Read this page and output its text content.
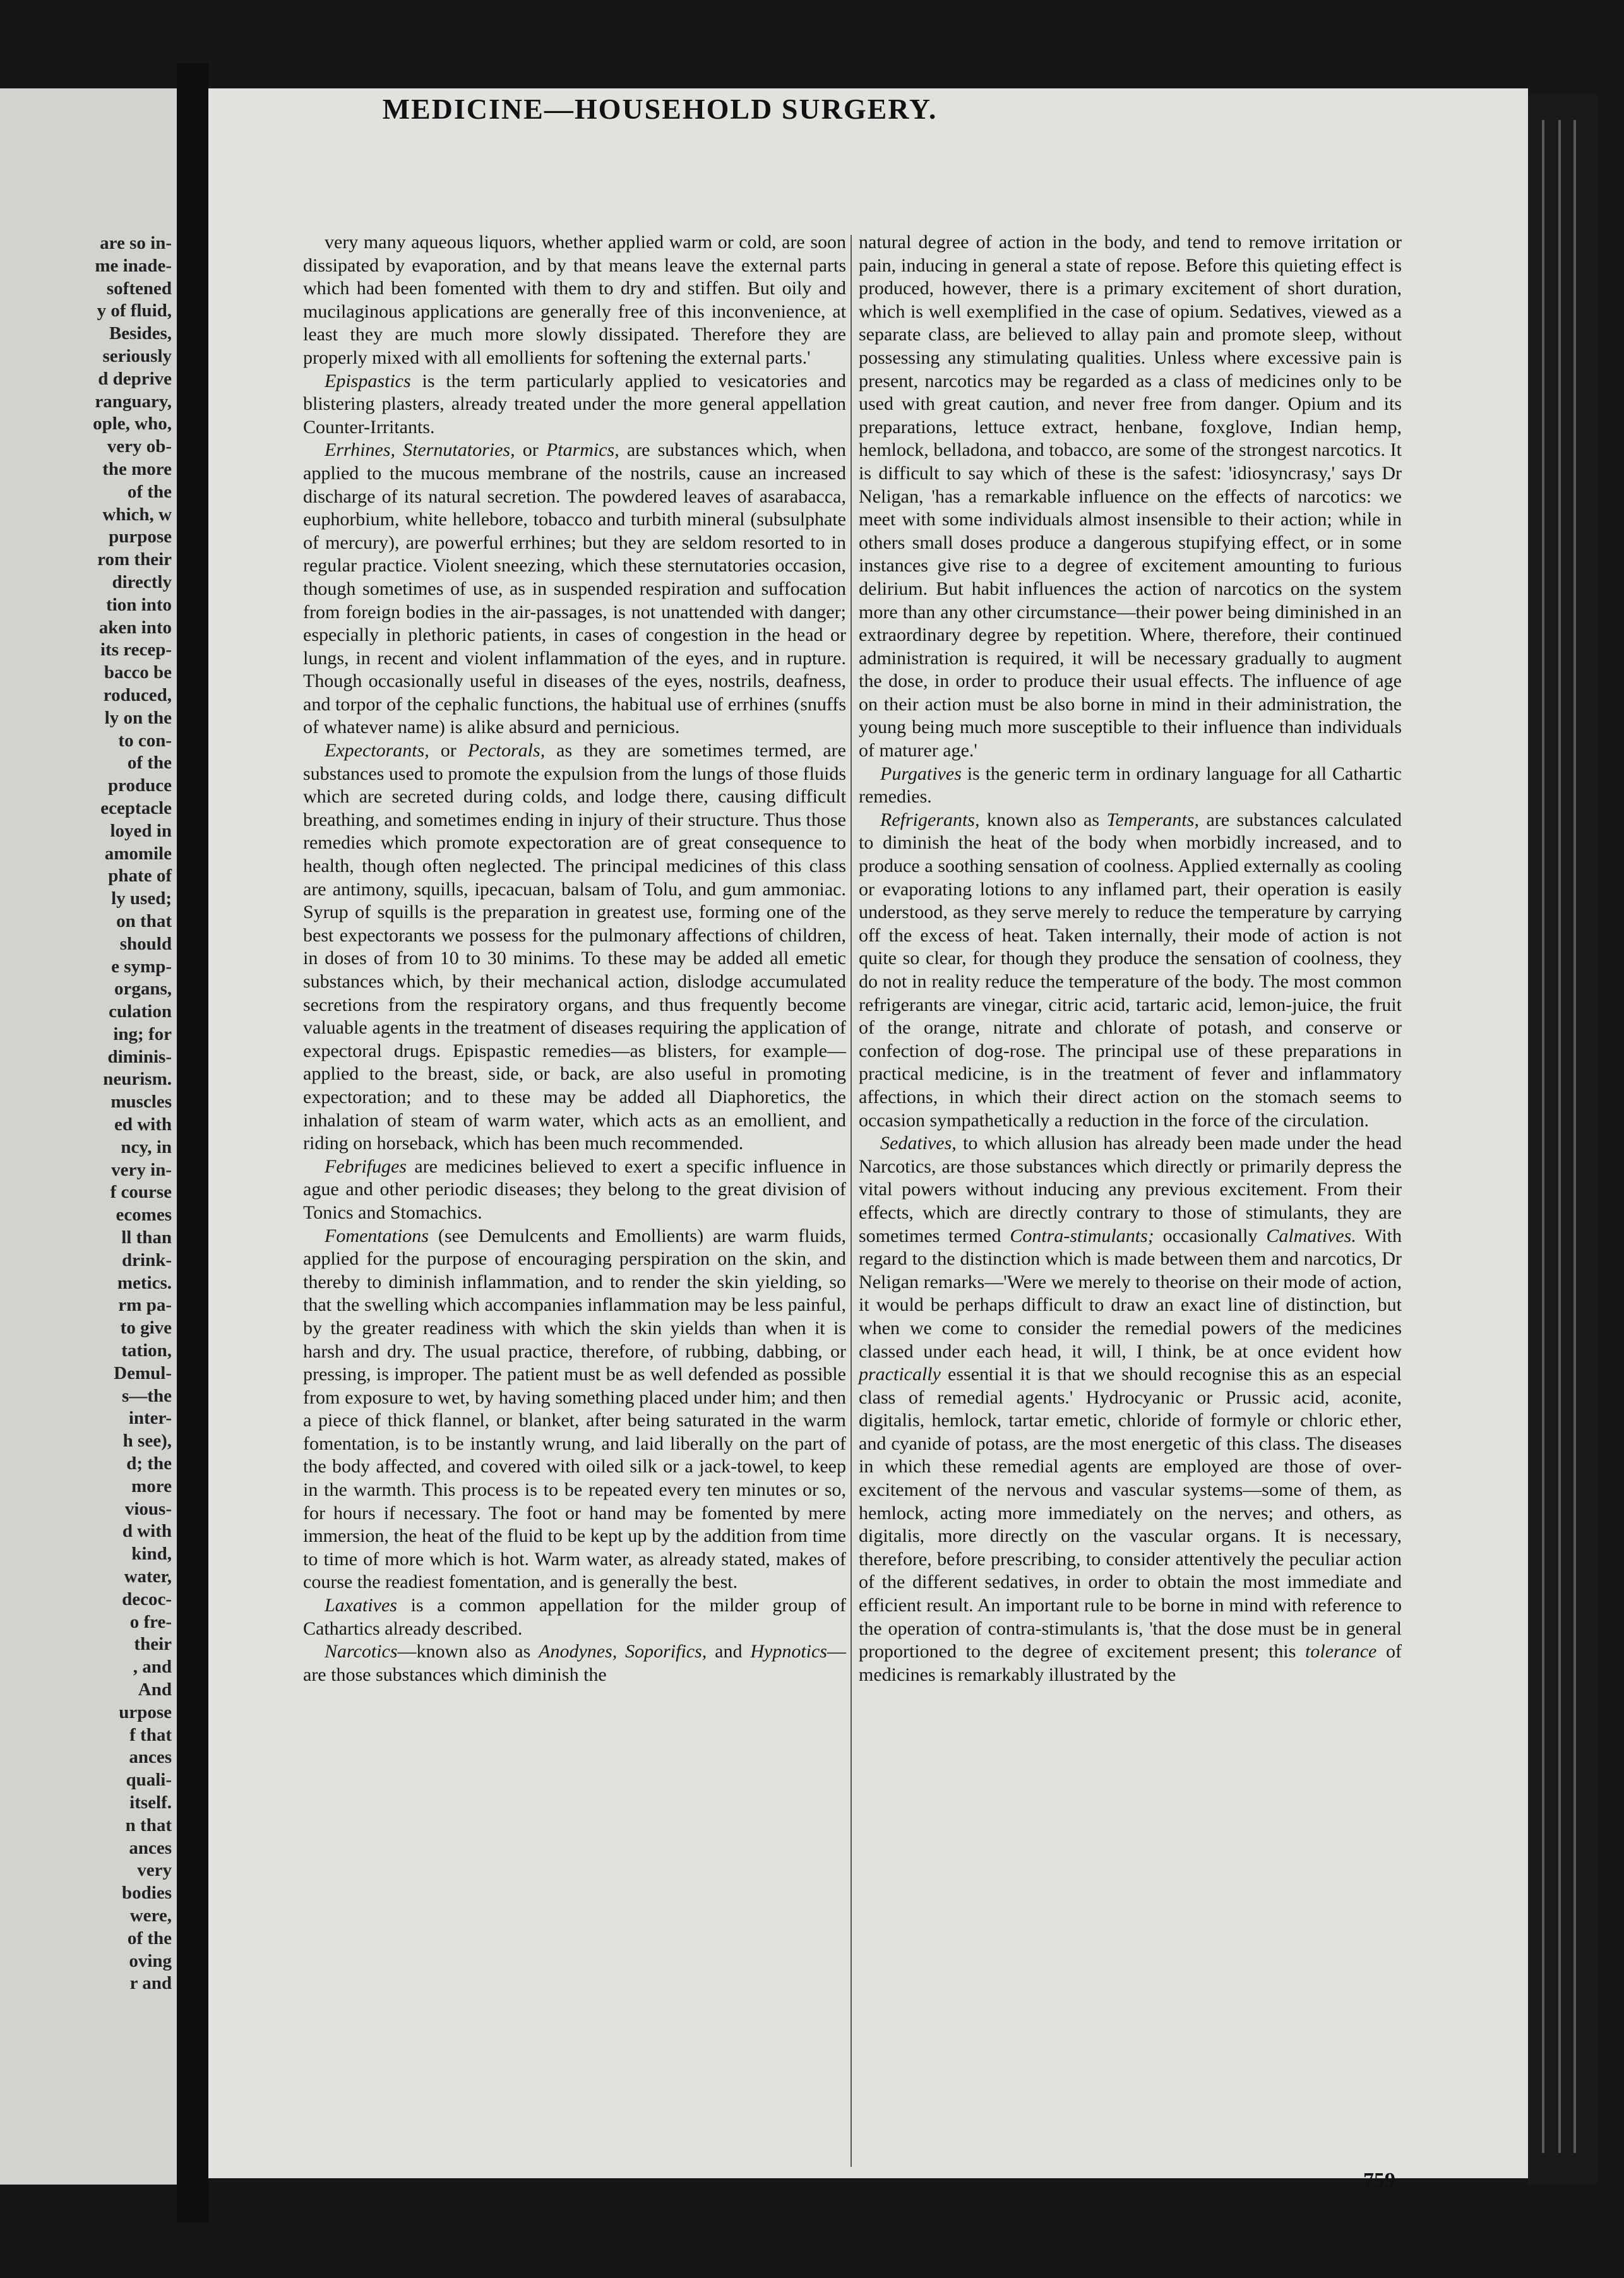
are so in-
me inade-
softened
y of fluid,
Besides,
seriously
d deprive
ranguary,
ople, who,
very ob-
the more
of the
which, w
purpose
rom their
directly
tion into
aken into
its recep-
bacco be
roduced,
ly on the
to con-
of the
produce
eceptacle
loyed in
amomile
phate of
ly used;
on that
should
e symp-
organs,
culation
ing; for
diminis-
neurism.
muscles
ed with
ncy, in
very in-
f course
ecomes
ll than
drink-
metics.
rm pa-
to give
tation,
Demul-
s—the
inter-
h see),
d; the
more
vious-
d with
kind,
water,
decoc-
o fre-
their
, and
And
urpose
f that
ances
quali-
itself.
n that
ances
very
bodies
were,
of the
oving
r and

very many aqueous liquors, whether applied warm or cold, are soon dissipated by evaporation, and by that means leave the external parts which had been fomented with them to dry and stiffen. But oily and mucilaginous applications are generally free of this inconvenience, at least they are much more slowly dissipated. Therefore they are properly mixed with all emollients for softening the external parts.'

Epispastics is the term particularly applied to vesicatories and blistering plasters, already treated under the more general appellation Counter-Irritants.

Errhines, Sternutatories, or Ptarmics, are substances which, when applied to the mucous membrane of the nostrils, cause an increased discharge of its natural secretion. The powdered leaves of asarabacca, euphorbium, white hellebore, tobacco and turbith mineral (subsulphate of mercury), are powerful errhines; but they are seldom resorted to in regular practice. Violent sneezing, which these sternutatories occasion, though sometimes of use, as in suspended respiration and suffocation from foreign bodies in the air-passages, is not unattended with danger; especially in plethoric patients, in cases of congestion in the head or lungs, in recent and violent inflammation of the eyes, and in rupture. Though occasionally useful in diseases of the eyes, nostrils, deafness, and torpor of the cephalic functions, the habitual use of errhines (snuffs of whatever name) is alike absurd and pernicious.

Expectorants, or Pectorals, as they are sometimes termed, are substances used to promote the expulsion from the lungs of those fluids which are secreted during colds, and lodge there, causing difficult breathing, and sometimes ending in injury of their structure. Thus those remedies which promote expectoration are of great consequence to health, though often neglected. The principal medicines of this class are antimony, squills, ipecacuan, balsam of Tolu, and gum ammoniac. Syrup of squills is the preparation in greatest use, forming one of the best expectorants we possess for the pulmonary affections of children, in doses of from 10 to 30 minims. To these may be added all emetic substances which, by their mechanical action, dislodge accumulated secretions from the respiratory organs, and thus frequently become valuable agents in the treatment of diseases requiring the application of expectoral drugs. Epispastic remedies—as blisters, for example—applied to the breast, side, or back, are also useful in promoting expectoration; and to these may be added all Diaphoretics, the inhalation of steam of warm water, which acts as an emollient, and riding on horseback, which has been much recommended.

Febrifuges are medicines believed to exert a specific influence in ague and other periodic diseases; they belong to the great division of Tonics and Stomachics.

Fomentations (see Demulcents and Emollients) are warm fluids, applied for the purpose of encouraging perspiration on the skin, and thereby to diminish inflammation, and to render the skin yielding, so that the swelling which accompanies inflammation may be less painful, by the greater readiness with which the skin yields than when it is harsh and dry. The usual practice, therefore, of rubbing, dabbing, or pressing, is improper. The patient must be as well defended as possible from exposure to wet, by having something placed under him; and then a piece of thick flannel, or blanket, after being saturated in the warm fomentation, is to be instantly wrung, and laid liberally on the part of the body affected, and covered with oiled silk or a jack-towel, to keep in the warmth. This process is to be repeated every ten minutes or so, for hours if necessary. The foot or hand may be fomented by mere immersion, the heat of the fluid to be kept up by the addition from time to time of more which is hot. Warm water, as already stated, makes of course the readiest fomentation, and is generally the best.

Laxatives is a common appellation for the milder group of Cathartics already described.

Narcotics—known also as Anodynes, Soporifics, and Hypnotics—are those substances which diminish the

natural degree of action in the body, and tend to remove irritation or pain, inducing in general a state of repose. Before this quieting effect is produced, however, there is a primary excitement of short duration, which is well exemplified in the case of opium. Sedatives, viewed as a separate class, are believed to allay pain and promote sleep, without possessing any stimulating qualities. Unless where excessive pain is present, narcotics may be regarded as a class of medicines only to be used with great caution, and never free from danger. Opium and its preparations, lettuce extract, henbane, foxglove, Indian hemp, hemlock, belladona, and tobacco, are some of the strongest narcotics. It is difficult to say which of these is the safest: 'idiosyncrasy,' says Dr Neligan, 'has a remarkable influence on the effects of narcotics: we meet with some individuals almost insensible to their action; while in others small doses produce a dangerous stupifying effect, or in some instances give rise to a degree of excitement amounting to furious delirium. But habit influences the action of narcotics on the system more than any other circumstance—their power being diminished in an extraordinary degree by repetition. Where, therefore, their continued administration is required, it will be necessary gradually to augment the dose, in order to produce their usual effects. The influence of age on their action must be also borne in mind in their administration, the young being much more susceptible to their influence than individuals of maturer age.'

Purgatives is the generic term in ordinary language for all Cathartic remedies.

Refrigerants, known also as Temperants, are substances calculated to diminish the heat of the body when morbidly increased, and to produce a soothing sensation of coolness. Applied externally as cooling or evaporating lotions to any inflamed part, their operation is easily understood, as they serve merely to reduce the temperature by carrying off the excess of heat. Taken internally, their mode of action is not quite so clear, for though they produce the sensation of coolness, they do not in reality reduce the temperature of the body. The most common refrigerants are vinegar, citric acid, tartaric acid, lemon-juice, the fruit of the orange, nitrate and chlorate of potash, and conserve or confection of dog-rose. The principal use of these preparations in practical medicine, is in the treatment of fever and inflammatory affections, in which their direct action on the stomach seems to occasion sympathetically a reduction in the force of the circulation.

Sedatives, to which allusion has already been made under the head Narcotics, are those substances which directly or primarily depress the vital powers without inducing any previous excitement. From their effects, which are directly contrary to those of stimulants, they are sometimes termed Contra-stimulants; occasionally Calmatives. With regard to the distinction which is made between them and narcotics, Dr Neligan remarks—'Were we merely to theorise on their mode of action, it would be perhaps difficult to draw an exact line of distinction, but when we come to consider the remedial powers of the medicines classed under each head, it will, I think, be at once evident how practically essential it is that we should recognise this as an especial class of remedial agents.' Hydrocyanic or Prussic acid, aconite, digitalis, hemlock, tartar emetic, chloride of formyle or chloric ether, and cyanide of potass, are the most energetic of this class. The diseases in which these remedial agents are employed are those of over-excitement of the nervous and vascular systems—some of them, as hemlock, acting more immediately on the nerves; and others, as digitalis, more directly on the vascular organs. It is necessary, therefore, before prescribing, to consider attentively the peculiar action of the different sedatives, in order to obtain the most immediate and efficient result. An important rule to be borne in mind with reference to the operation of contra-stimulants is, 'that the dose must be in general proportioned to the degree of excitement present; this tolerance of medicines is remarkably illustrated by the

759

MEDICINE—HOUSEHOLD SURGERY.
